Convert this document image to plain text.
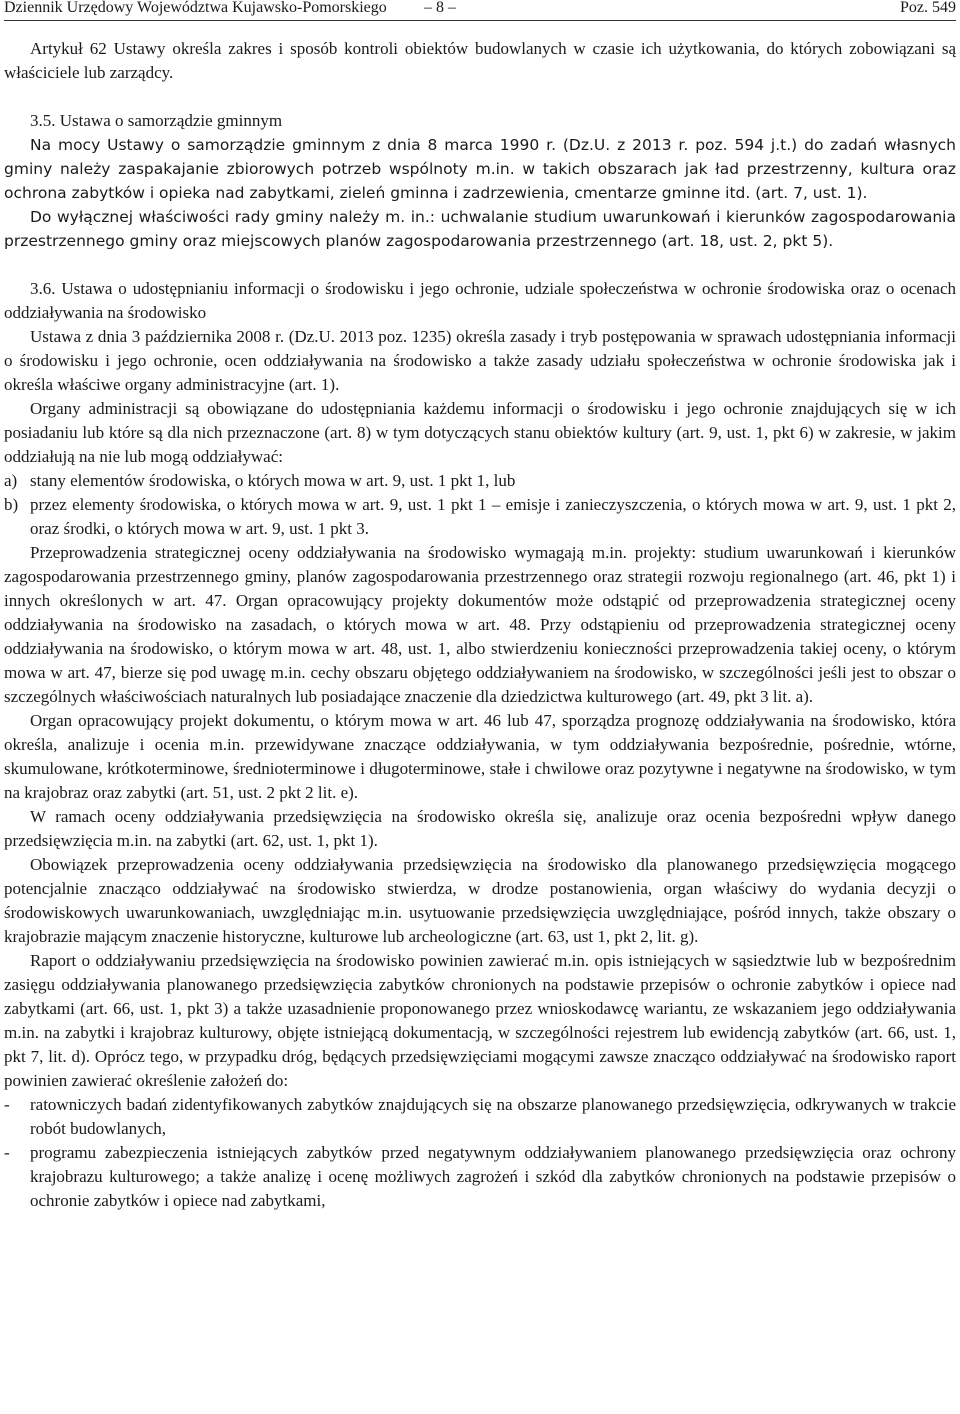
Dziennik Urzędowy Województwa Kujawsko-Pomorskiego – 8 –	Poz. 549

Artykuł 62 Ustawy określa zakres i sposób kontroli obiektów budowlanych w czasie ich użytkowania, do których zobowiązani są właściciele lub zarządcy.

3.5. Ustawa o samorządzie gminnym

Na mocy Ustawy o samorządzie gminnym z dnia 8 marca 1990 r. (Dz.U. z 2013 r. poz. 594 j.t.) do zadań własnych gminy należy zaspakajanie zbiorowych potrzeb wspólnoty m.in. w takich obszarach jak ład przestrzenny, kultura oraz ochrona zabytków i opieka nad zabytkami, zieleń gminna i zadrzewienia, cmentarze gminne itd. (art. 7, ust. 1).

Do wyłącznej właściwości rady gminy należy m. in.: uchwalanie studium uwarunkowań i kierunków zagospodarowania przestrzennego gminy oraz miejscowych planów zagospodarowania przestrzennego (art. 18, ust. 2, pkt 5).

3.6. Ustawa o udostępnianiu informacji o środowisku i jego ochronie, udziale społeczeństwa w ochronie środowiska oraz o ocenach oddziaływania na środowisko

Ustawa z dnia 3 października 2008 r. (Dz.U. 2013 poz. 1235) określa zasady i tryb postępowania w sprawach udostępniania informacji o środowisku i jego ochronie, ocen oddziaływania na środowisko a także zasady udziału społeczeństwa w ochronie środowiska jak i określa właściwe organy administracyjne (art. 1).

Organy administracji są obowiązane do udostępniania każdemu informacji o środowisku i jego ochronie znajdujących się w ich posiadaniu lub które są dla nich przeznaczone (art. 8) w tym dotyczących stanu obiektów kultury (art. 9, ust. 1, pkt 6) w zakresie, w jakim oddziałują na nie lub mogą oddziaływać:

a) stany elementów środowiska, o których mowa w art. 9, ust. 1 pkt 1, lub
b) przez elementy środowiska, o których mowa w art. 9, ust. 1 pkt 1 – emisje i zanieczyszczenia, o których mowa w art. 9, ust. 1 pkt 2, oraz środki, o których mowa w art. 9, ust. 1 pkt 3.

Przeprowadzenia strategicznej oceny oddziaływania na środowisko wymagają m.in. projekty: studium uwarunkowań i kierunków zagospodarowania przestrzennego gminy, planów zagospodarowania przestrzennego oraz strategii rozwoju regionalnego (art. 46, pkt 1) i innych określonych w art. 47. Organ opracowujący projekty dokumentów może odstąpić od przeprowadzenia strategicznej oceny oddziaływania na środowisko na zasadach, o których mowa w art. 48. Przy odstąpieniu od przeprowadzenia strategicznej oceny oddziaływania na środowisko, o którym mowa w art. 48, ust. 1, albo stwierdzeniu konieczności przeprowadzenia takiej oceny, o którym mowa w art. 47, bierze się pod uwagę m.in. cechy obszaru objętego oddziaływaniem na środowisko, w szczególności jeśli jest to obszar o szczególnych właściwościach naturalnych lub posiadające znaczenie dla dziedzictwa kulturowego (art. 49, pkt 3 lit. a).

Organ opracowujący projekt dokumentu, o którym mowa w art. 46 lub 47, sporządza prognozę oddziaływania na środowisko, która określa, analizuje i ocenia m.in. przewidywane znaczące oddziaływania, w tym oddziaływania bezpośrednie, pośrednie, wtórne, skumulowane, krótkoterminowe, średnioterminowe i długoterminowe, stałe i chwilowe oraz pozytywne i negatywne na środowisko, w tym na krajobraz oraz zabytki (art. 51, ust. 2 pkt 2 lit. e).

W ramach oceny oddziaływania przedsięwzięcia na środowisko określa się, analizuje oraz ocenia bezpośredni wpływ danego przedsięwzięcia m.in. na zabytki (art. 62, ust. 1, pkt 1).

Obowiązek przeprowadzenia oceny oddziaływania przedsięwzięcia na środowisko dla planowanego przedsięwzięcia mogącego potencjalnie znacząco oddziaływać na środowisko stwierdza, w drodze postanowienia, organ właściwy do wydania decyzji o środowiskowych uwarunkowaniach, uwzględniając m.in. usytuowanie przedsięwzięcia uwzględniające, pośród innych, także obszary o krajobrazie mającym znaczenie historyczne, kulturowe lub archeologiczne (art. 63, ust 1, pkt 2, lit. g).

Raport o oddziaływaniu przedsięwzięcia na środowisko powinien zawierać m.in. opis istniejących w sąsiedztwie lub w bezpośrednim zasięgu oddziaływania planowanego przedsięwzięcia zabytków chronionych na podstawie przepisów o ochronie zabytków i opiece nad zabytkami (art. 66, ust. 1, pkt 3) a także uzasadnienie proponowanego przez wnioskodawcę wariantu, ze wskazaniem jego oddziaływania m.in. na zabytki i krajobraz kulturowy, objęte istniejącą dokumentacją, w szczególności rejestrem lub ewidencją zabytków (art. 66, ust. 1, pkt 7, lit. d). Oprócz tego, w przypadku dróg, będących przedsięwzięciami mogącymi zawsze znacząco oddziaływać na środowisko raport powinien zawierać określenie założeń do:

- ratowniczych badań zidentyfikowanych zabytków znajdujących się na obszarze planowanego przedsięwzięcia, odkrywanych w trakcie robót budowlanych,
- programu zabezpieczenia istniejących zabytków przed negatywnym oddziaływaniem planowanego przedsięwzięcia oraz ochrony krajobrazu kulturowego; a także analizę i ocenę możliwych zagrożeń i szkód dla zabytków chronionych na podstawie przepisów o ochronie zabytków i opiece nad zabytkami,
